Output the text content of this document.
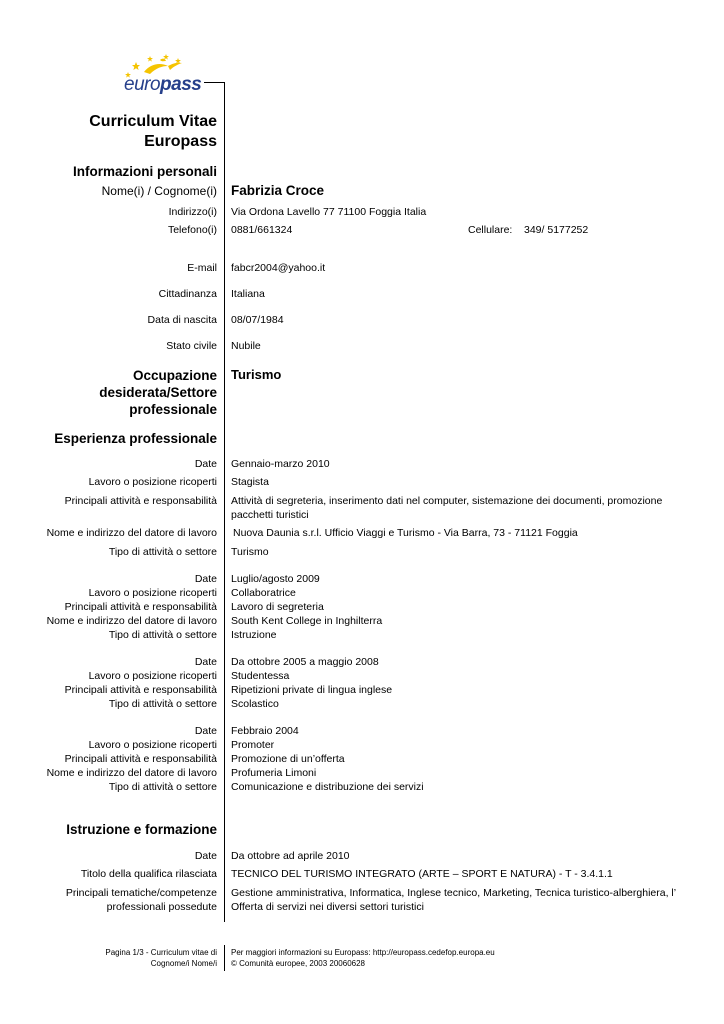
europass
Curriculum Vitae
Europass
Informazioni personali
Nome(i) / Cognome(i) Fabrizia Croce
Indirizzo(i) Via Ordona Lavello 77 71100 Foggia Italia
Telefono(i) 0881/661324	Cellulare: 349/ 5177252
E-mail fabcr2004@yahoo.it
Cittadinanza Italiana
Data di nascita 08/07/1984
Stato civile Nubile
Occupazione
desiderata/Settore
professionale
Turismo
Esperienza professionale
Date Gennaio-marzo 2010
Lavoro o posizione ricoperti Stagista
Principali attività e responsabilità Attività di segreteria, inserimento dati nel computer, sistemazione dei documenti, promozione pacchetti turistici
Nome e indirizzo del datore di lavoro Nuova Daunia s.r.l. Ufficio Viaggi e Turismo - Via Barra, 73 - 71121 Foggia
Tipo di attività o settore Turismo
Date Luglio/agosto 2009
Lavoro o posizione ricoperti Collaboratrice
Principali attività e responsabilità Lavoro di segreteria
Nome e indirizzo del datore di lavoro South Kent College in Inghilterra
Tipo di attività o settore Istruzione
Date Da ottobre 2005 a maggio 2008
Lavoro o posizione ricoperti Studentessa
Principali attività e responsabilità Ripetizioni private di lingua inglese
Tipo di attività o settore Scolastico
Date Febbraio 2004
Lavoro o posizione ricoperti Promoter
Principali attività e responsabilità Promozione di un’offerta
Nome e indirizzo del datore di lavoro Profumeria Limoni
Tipo di attività o settore Comunicazione e distribuzione dei servizi
Istruzione e formazione
Date Da ottobre ad aprile 2010
Titolo della qualifica rilasciata TECNICO DEL TURISMO INTEGRATO (ARTE – SPORT E NATURA) - T - 3.4.1.1
Principali tematiche/competenze
professionali possedute
Gestione amministrativa, Informatica, Inglese tecnico, Marketing, Tecnica turistico-alberghiera, l’
Offerta di servizi nei diversi settori turistici
Pagina 1/3 - Curriculum vitae di
Cognome/i Nome/i
Per maggiori informazioni su Europass: http://europass.cedefop.europa.eu
© Comunità europee, 2003 20060628
